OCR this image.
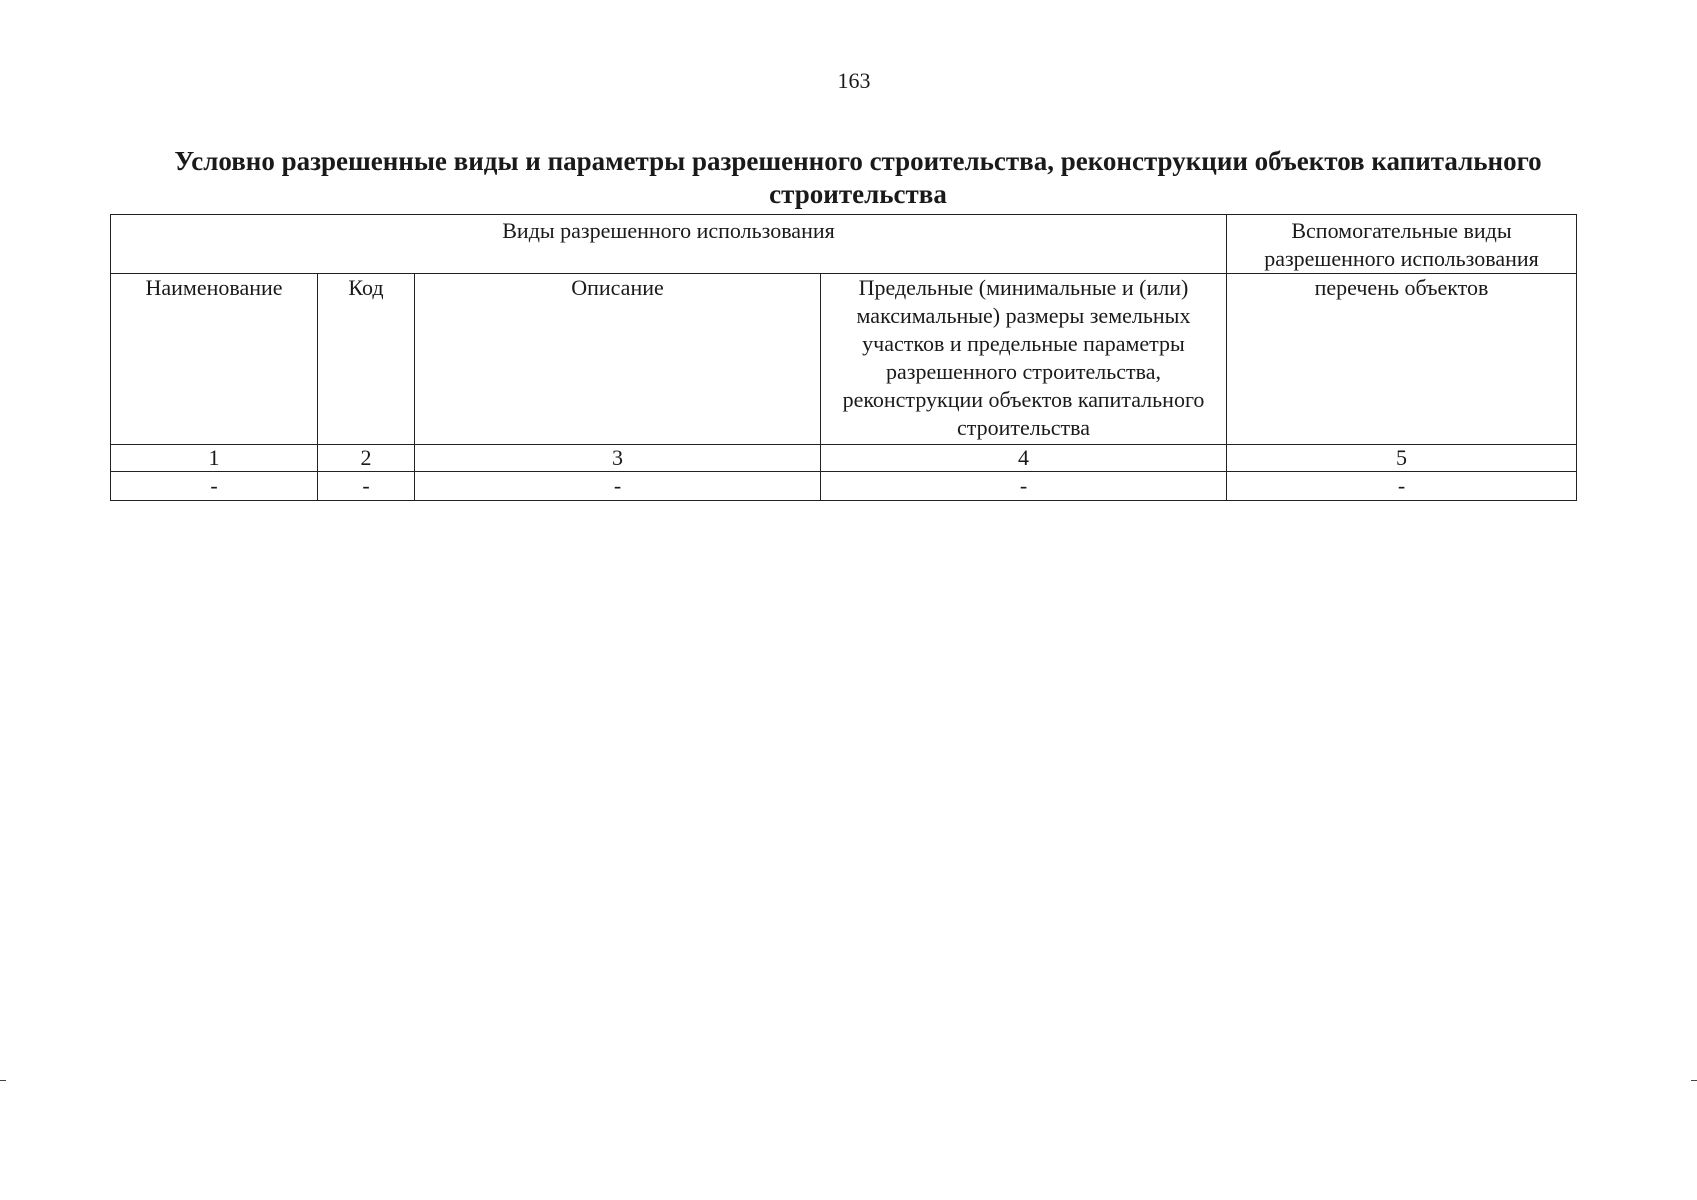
163
Условно разрешенные виды и параметры разрешенного строительства, реконструкции объектов капитального строительства
Виды разрешенного использования				Вспомогательные виды разрешенного использования
Наименование	Код	Описание	Предельные (минимальные и (или) максимальные) размеры земельных участков и предельные параметры разрешенного строительства, реконструкции объектов капитального строительства	перечень объектов
1	2	3	4	5
-	-	-	-	-
